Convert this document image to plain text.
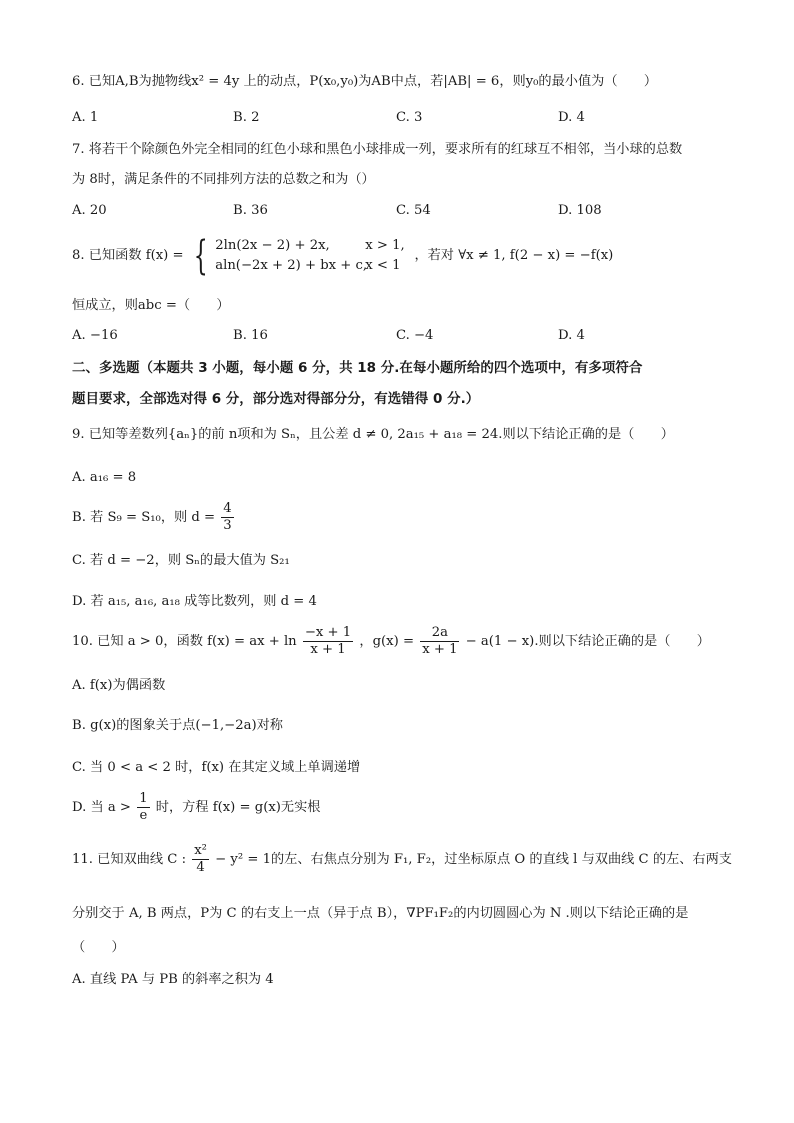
6. 已知A,B为抛物线x² = 4y 上的动点，P(x₀,y₀)为AB中点，若|AB| = 6，则y₀的最小值为（　　）
A. 1	B. 2	C. 3	D. 4
7. 将若干个除颜色外完全相同的红色小球和黑色小球排成一列，要求所有的红球互不相邻，当小球的总数
为 8时，满足条件的不同排列方法的总数之和为（）
A. 20	B. 36	C. 54	D. 108
8. 已知函数 f(x) = { 2ln(2x − 2) + 2x,	x > 1,
aln(−2x + 2) + bx + c,x < 1
，若对 ∀x ≠ 1, f(2 − x) = −f(x)
恒成立，则abc =（　　）
A. −16	B. 16	C. −4	D. 4
二、多选题（本题共 3 小题，每小题 6 分，共 18 分.在每小题所给的四个选项中，有多项符合
题目要求，全部选对得 6 分，部分选对得部分分，有选错得 0 分.）
9. 已知等差数列{aₙ}的前 n项和为 Sₙ，且公差 d ≠ 0, 2a₁₅ + a₁₈ = 24.则以下结论正确的是（　　）
A. a₁₆ = 8
B. 若 S₉ = S₁₀，则 $d = \frac{4}{3}$
C. 若 d = −2，则 Sₙ的最大值为 S₂₁
D. 若 a₁₅, a₁₆, a₁₈ 成等比数列，则 d = 4
10. 已知 a > 0，函数 f(x) = ax + $\ln \frac{-x + 1}{x + 1}$ ，$g(x) = \frac{2a}{x + 1} - a(1 - x)$.则以下结论正确的是（　　）
A. f(x)为偶函数
B. g(x)的图象关于点(−1,−2a)对称
C. 当 0 < a < 2 时，f(x) 在其定义域上单调递增
D. 当 $a > \frac{1}{e}$ 时，方程 f(x) = g(x)无实根
11. 已知双曲线 C : $\frac{\text{x²}}{4} - y^2 = 1$的左、右焦点分别为 F₁, F₂，过坐标原点 O 的直线 l 与双曲线 C 的左、右两支
分别交于 A, B 两点，P为 C 的右支上一点（异于点 B），∇PF₁F₂的内切圆圆心为 N .则以下结论正确的是
（　　）
A. 直线 PA 与 PB 的斜率之积为 4
